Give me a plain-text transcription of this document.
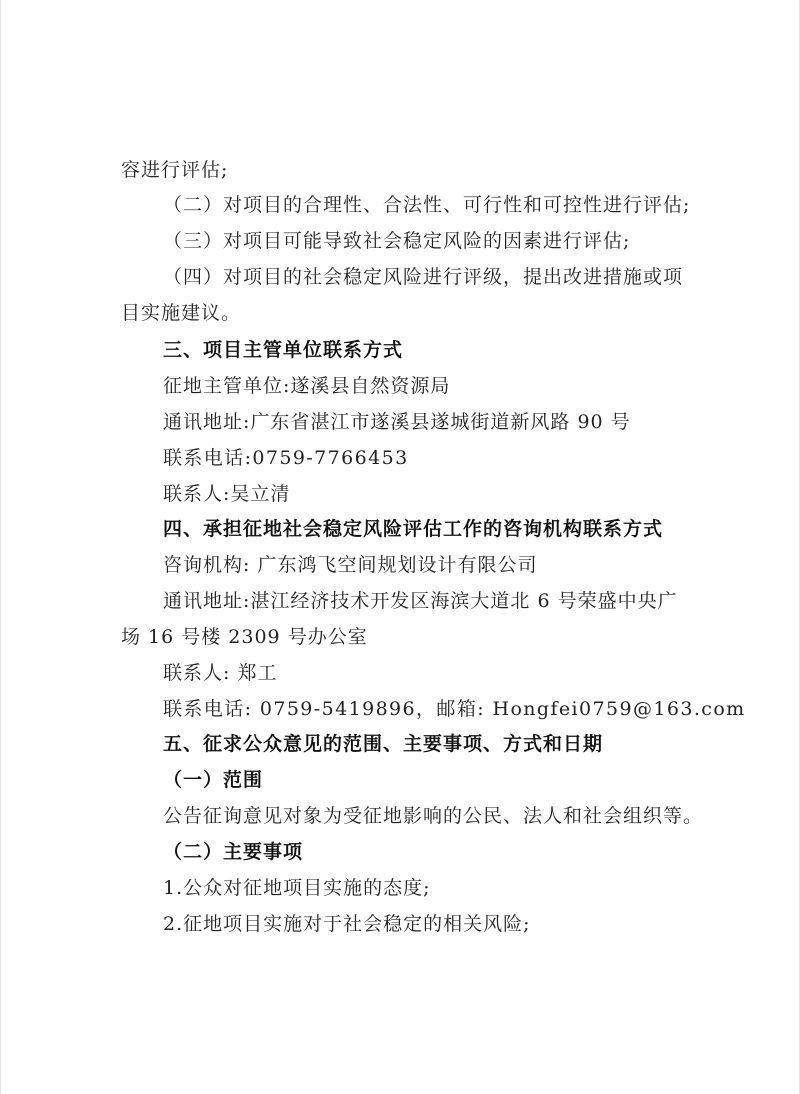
容进行评估;
（二）对项目的合理性、合法性、可行性和可控性进行评估;
（三）对项目可能导致社会稳定风险的因素进行评估;
（四）对项目的社会稳定风险进行评级，提出改进措施或项
目实施建议。
三、项目主管单位联系方式
征地主管单位:遂溪县自然资源局
通讯地址:广东省湛江市遂溪县遂城街道新风路 90 号
联系电话:0759-7766453
联系人:吴立清
四、承担征地社会稳定风险评估工作的咨询机构联系方式
咨询机构: 广东鸿飞空间规划设计有限公司
通讯地址:湛江经济技术开发区海滨大道北 6 号荣盛中央广
场 16 号楼 2309 号办公室
联系人: 郑工
联系电话: 0759-5419896，邮箱: Hongfei0759@163.com
五、征求公众意见的范围、主要事项、方式和日期
（一）范围
公告征询意见对象为受征地影响的公民、法人和社会组织等。
（二）主要事项
1.公众对征地项目实施的态度;
2.征地项目实施对于社会稳定的相关风险;
